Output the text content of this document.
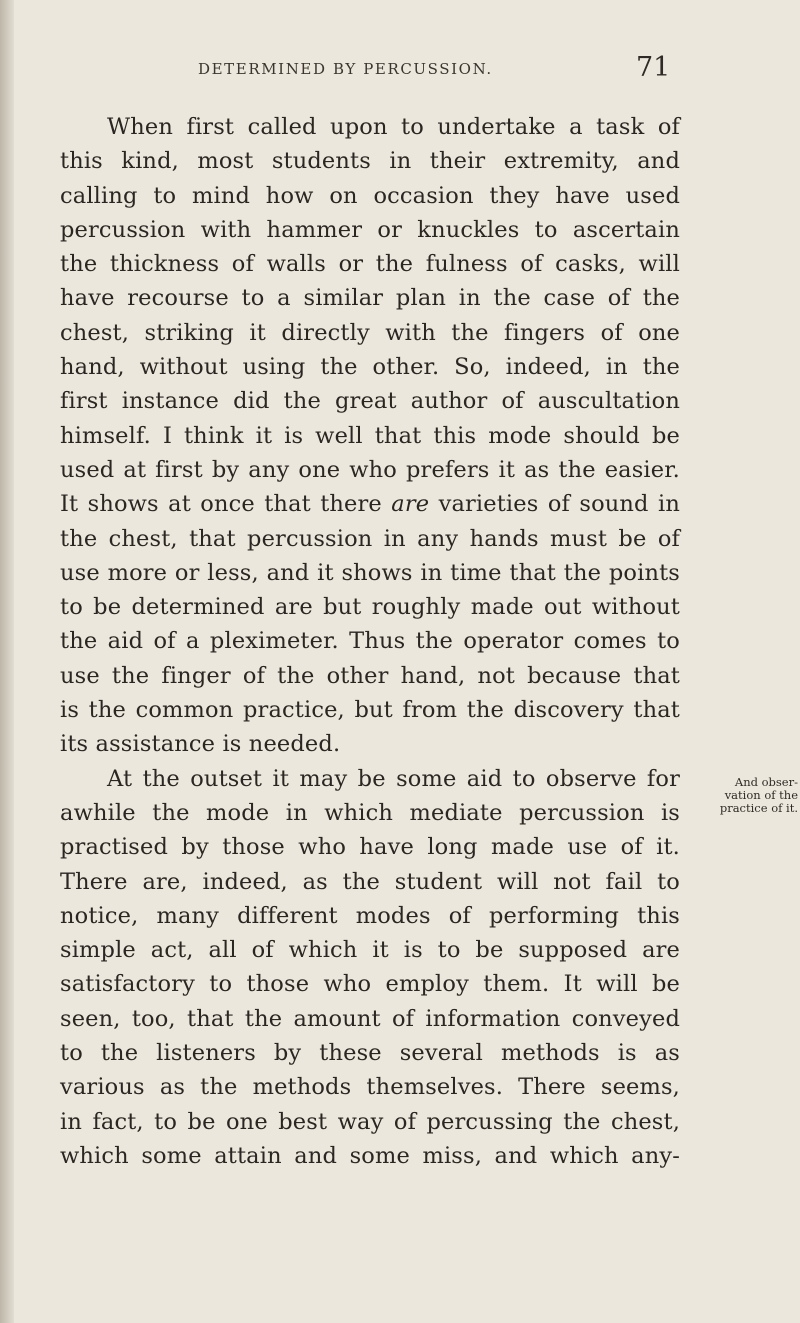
DETERMINED BY PERCUSSION.	71
When first called upon to undertake a task of
this kind, most students in their extremity, and
calling to mind how on occasion they have used
percussion with hammer or knuckles to ascertain
the thickness of walls or the fulness of casks, will
have recourse to a similar plan in the case of the
chest, striking it directly with the fingers of one
hand, without using the other. So, indeed, in the
first instance did the great author of auscultation
himself. I think it is well that this mode should be
used at first by any one who prefers it as the easier.
It shows at once that there are varieties of sound in
the chest, that percussion in any hands must be of
use more or less, and it shows in time that the points
to be determined are but roughly made out without
the aid of a pleximeter. Thus the operator comes to
use the finger of the other hand, not because that
is the common practice, but from the discovery that
its assistance is needed.
At the outset it may be some aid to observe for
awhile the mode in which mediate percussion is
practised by those who have long made use of it.
There are, indeed, as the student will not fail to
notice, many different modes of performing this
simple act, all of which it is to be supposed are
satisfactory to those who employ them. It will be
seen, too, that the amount of information conveyed
to the listeners by these several methods is as
various as the methods themselves. There seems,
in fact, to be one best way of percussing the chest,
which some attain and some miss, and which any-
And obser-
vation of the
practice of it.
